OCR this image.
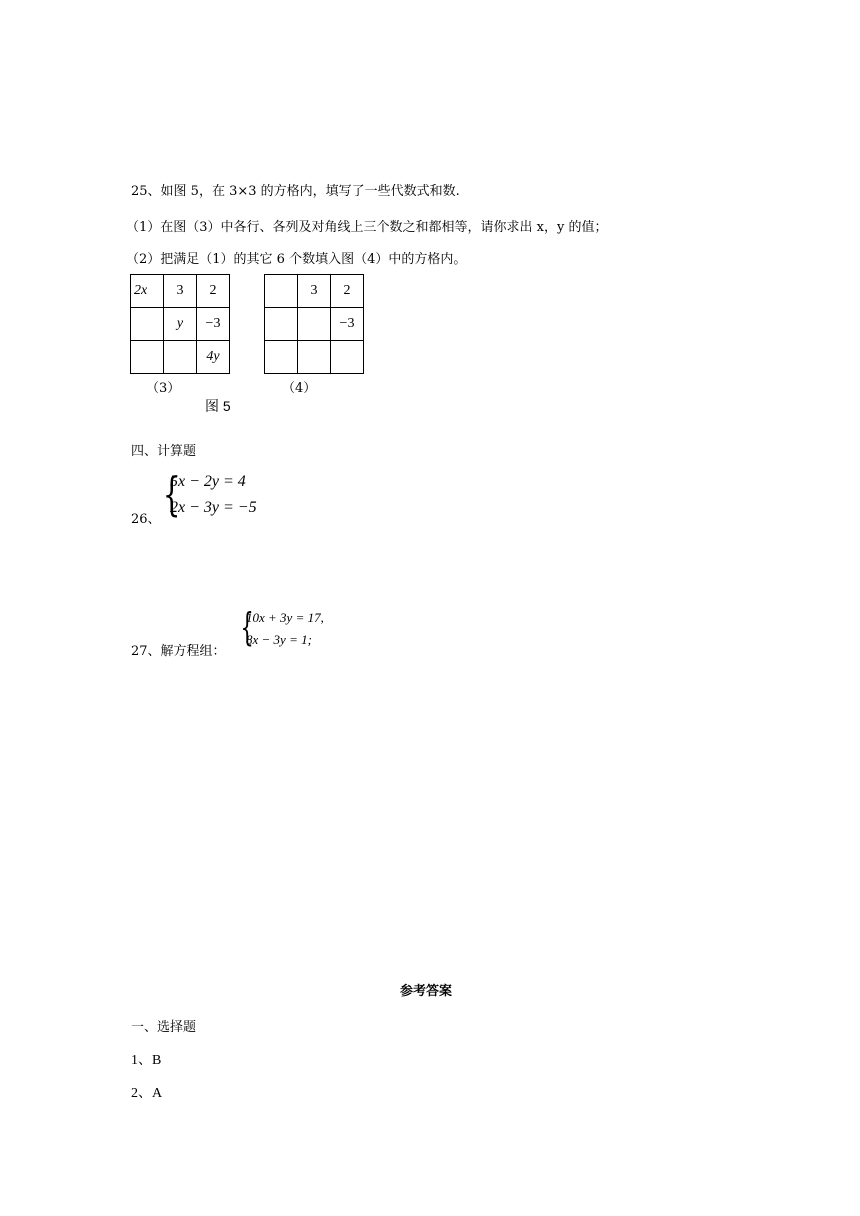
25、如图 5，在 3×3 的方格内，填写了一些代数式和数.
（1）在图（3）中各行、各列及对角线上三个数之和都相等，请你求出 x，y 的值；
（2）把满足（1）的其它 6 个数填入图（4）中的方格内。
2x	3	2
	y	−3
		4y
	3	2
		−3

（3）	（4）
图 5
四、计算题
26、 {
5x − 2y = 4
2x − 3y = −5
27、解方程组：
{
10x + 3y = 17,
8x − 3y = 1;
参考答案
一、选择题
1、B
2、A
